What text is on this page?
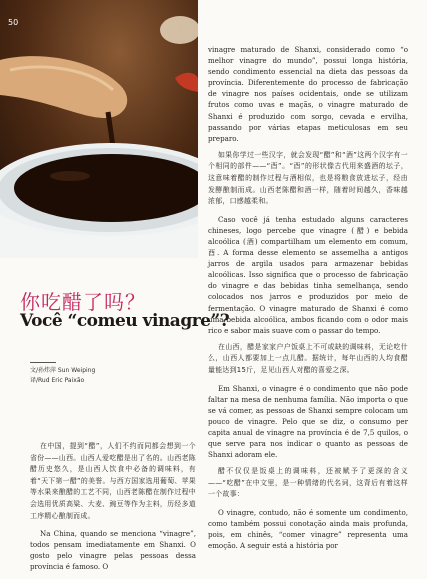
50
你吃醋了吗？
Você “comeu vinagre”?
文/孙炜萍 Sun Weiping
译/Rud Eric Paixão

在中国，提到“醋”，人们不约而同都会想到一个省份——山西。山西人爱吃醋是出了名的。山西老陈醋历史悠久，是山西人饮食中必备的调味料，有着“天下第一醋”的美誉。与西方国家选用葡萄、苹果等水果来酿醋的工艺不同，山西老陈醋在制作过程中会选用优质高粱、大麦、豌豆等作为主料，历经多道工序精心酿制而成。

Na China, quando se menciona “vinagre”, todos pensam imediatamente em Shanxi. O gosto pelo vinagre pelas pessoas dessa província é famoso. O

vinagre maturado de Shanxi, considerado como “o melhor vinagre do mundo”, possui longa história, sendo condimento essencial na dieta das pessoas da província. Diferentemente do processo de fabricação de vinagre nos países ocidentais, onde se utilizam frutos como uvas e maçãs, o vinagre maturado de Shanxi é produzido com sorgo, cevada e ervilha, passando por várias etapas meticulosas em seu preparo.

如果你学过一些汉字，就会发现“醋”和“酒”这两个汉字有一个相同的部件——“酉”。“酉”的形状像古代用来盛酒的坛子，这意味着醋的制作过程与酒相似，也是将粮食放进坛子，经由发酵酿制而成。山西老陈醋和酒一样，随着时间越久，香味越浓郁，口感越柔和。

Caso você já tenha estudado alguns caracteres chineses, logo percebe que vinagre (醋) e bebida alcoólica (酒) compartilham um elemento em comum, 酉. A forma desse elemento se assemelha a antigos jarros de argila usados para armazenar bebidas alcoólicas. Isso significa que o processo de fabricação do vinagre e das bebidas tinha semelhança, sendo colocados nos jarros e produzidos por meio de fermentação. O vinagre maturado de Shanxi é como uma bebida alcoólica, ambos ficando com o odor mais rico e sabor mais suave com o passar do tempo.

在山西，醋是家家户户饭桌上不可或缺的调味料，无论吃什么，山西人都要加上一点儿醋。据统计，每年山西的人均食醋量能达到15斤，足见山西人对醋的喜爱之深。

Em Shanxi, o vinagre é o condimento que não pode faltar na mesa de nenhuma família. Não importa o que se vá comer, as pessoas de Shanxi sempre colocam um pouco de vinagre. Pelo que se diz, o consumo per capita anual de vinagre na província é de 7,5 quilos, o que serve para nos indicar o quanto as pessoas de Shanxi adoram ele.

醋不仅仅是饭桌上的调味料，还被赋予了更深的含义——“吃醋”在中文里，是一种情绪的代名词，这背后有着这样一个故事：

O vinagre, contudo, não é somente um condimento, como também possui conotação ainda mais profunda, pois, em chinês, “comer vinagre” representa uma emoção. A seguir está a história por
